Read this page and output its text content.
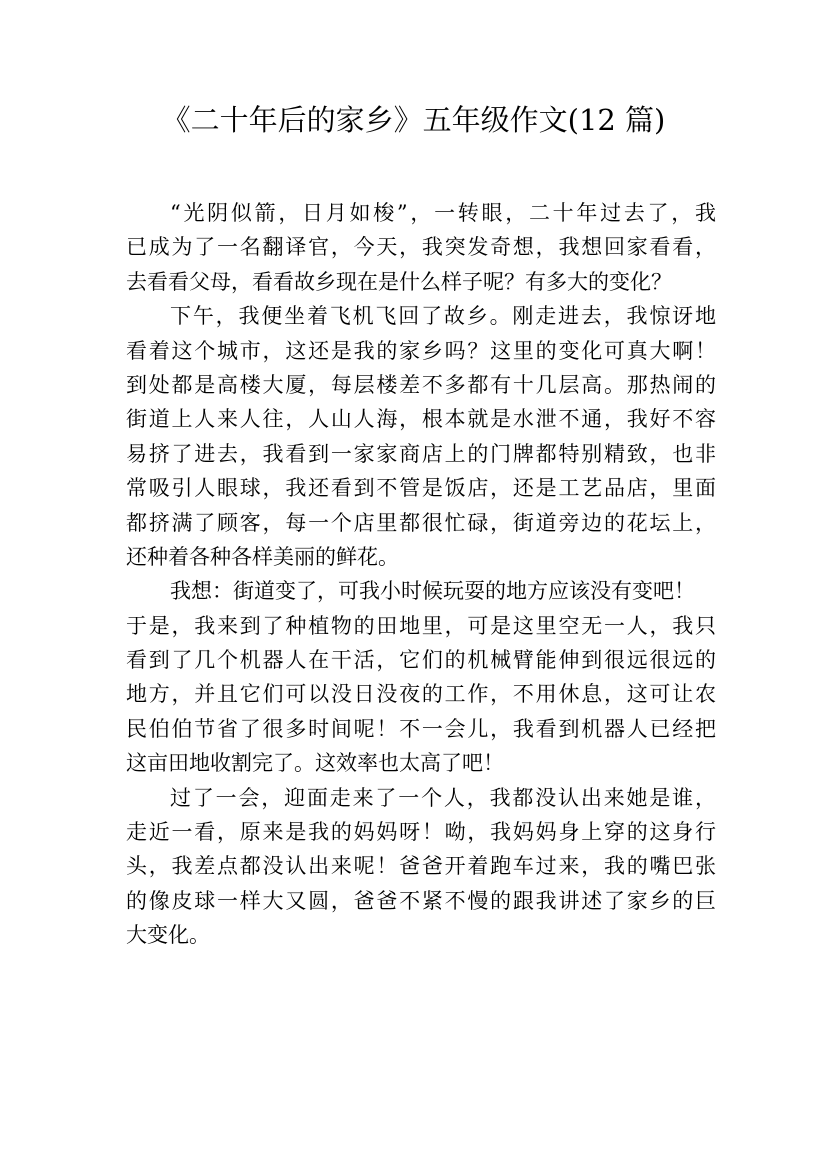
《二十年后的家乡》五年级作文(12 篇)
“光阴似箭，日月如梭”，一转眼，二十年过去了，我
已成为了一名翻译官，今天，我突发奇想，我想回家看看，
去看看父母，看看故乡现在是什么样子呢？有多大的变化？
下午，我便坐着飞机飞回了故乡。刚走进去，我惊讶地
看着这个城市，这还是我的家乡吗？这里的变化可真大啊！
到处都是高楼大厦，每层楼差不多都有十几层高。那热闹的
街道上人来人往，人山人海，根本就是水泄不通，我好不容
易挤了进去，我看到一家家商店上的门牌都特别精致，也非
常吸引人眼球，我还看到不管是饭店，还是工艺品店，里面
都挤满了顾客，每一个店里都很忙碌，街道旁边的花坛上，
还种着各种各样美丽的鲜花。
我想：街道变了，可我小时候玩耍的地方应该没有变吧！
于是，我来到了种植物的田地里，可是这里空无一人，我只
看到了几个机器人在干活，它们的机械臂能伸到很远很远的
地方，并且它们可以没日没夜的工作，不用休息，这可让农
民伯伯节省了很多时间呢！不一会儿，我看到机器人已经把
这亩田地收割完了。这效率也太高了吧！
过了一会，迎面走来了一个人，我都没认出来她是谁，
走近一看，原来是我的妈妈呀！呦，我妈妈身上穿的这身行
头，我差点都没认出来呢！爸爸开着跑车过来，我的嘴巴张
的像皮球一样大又圆，爸爸不紧不慢的跟我讲述了家乡的巨
大变化。
